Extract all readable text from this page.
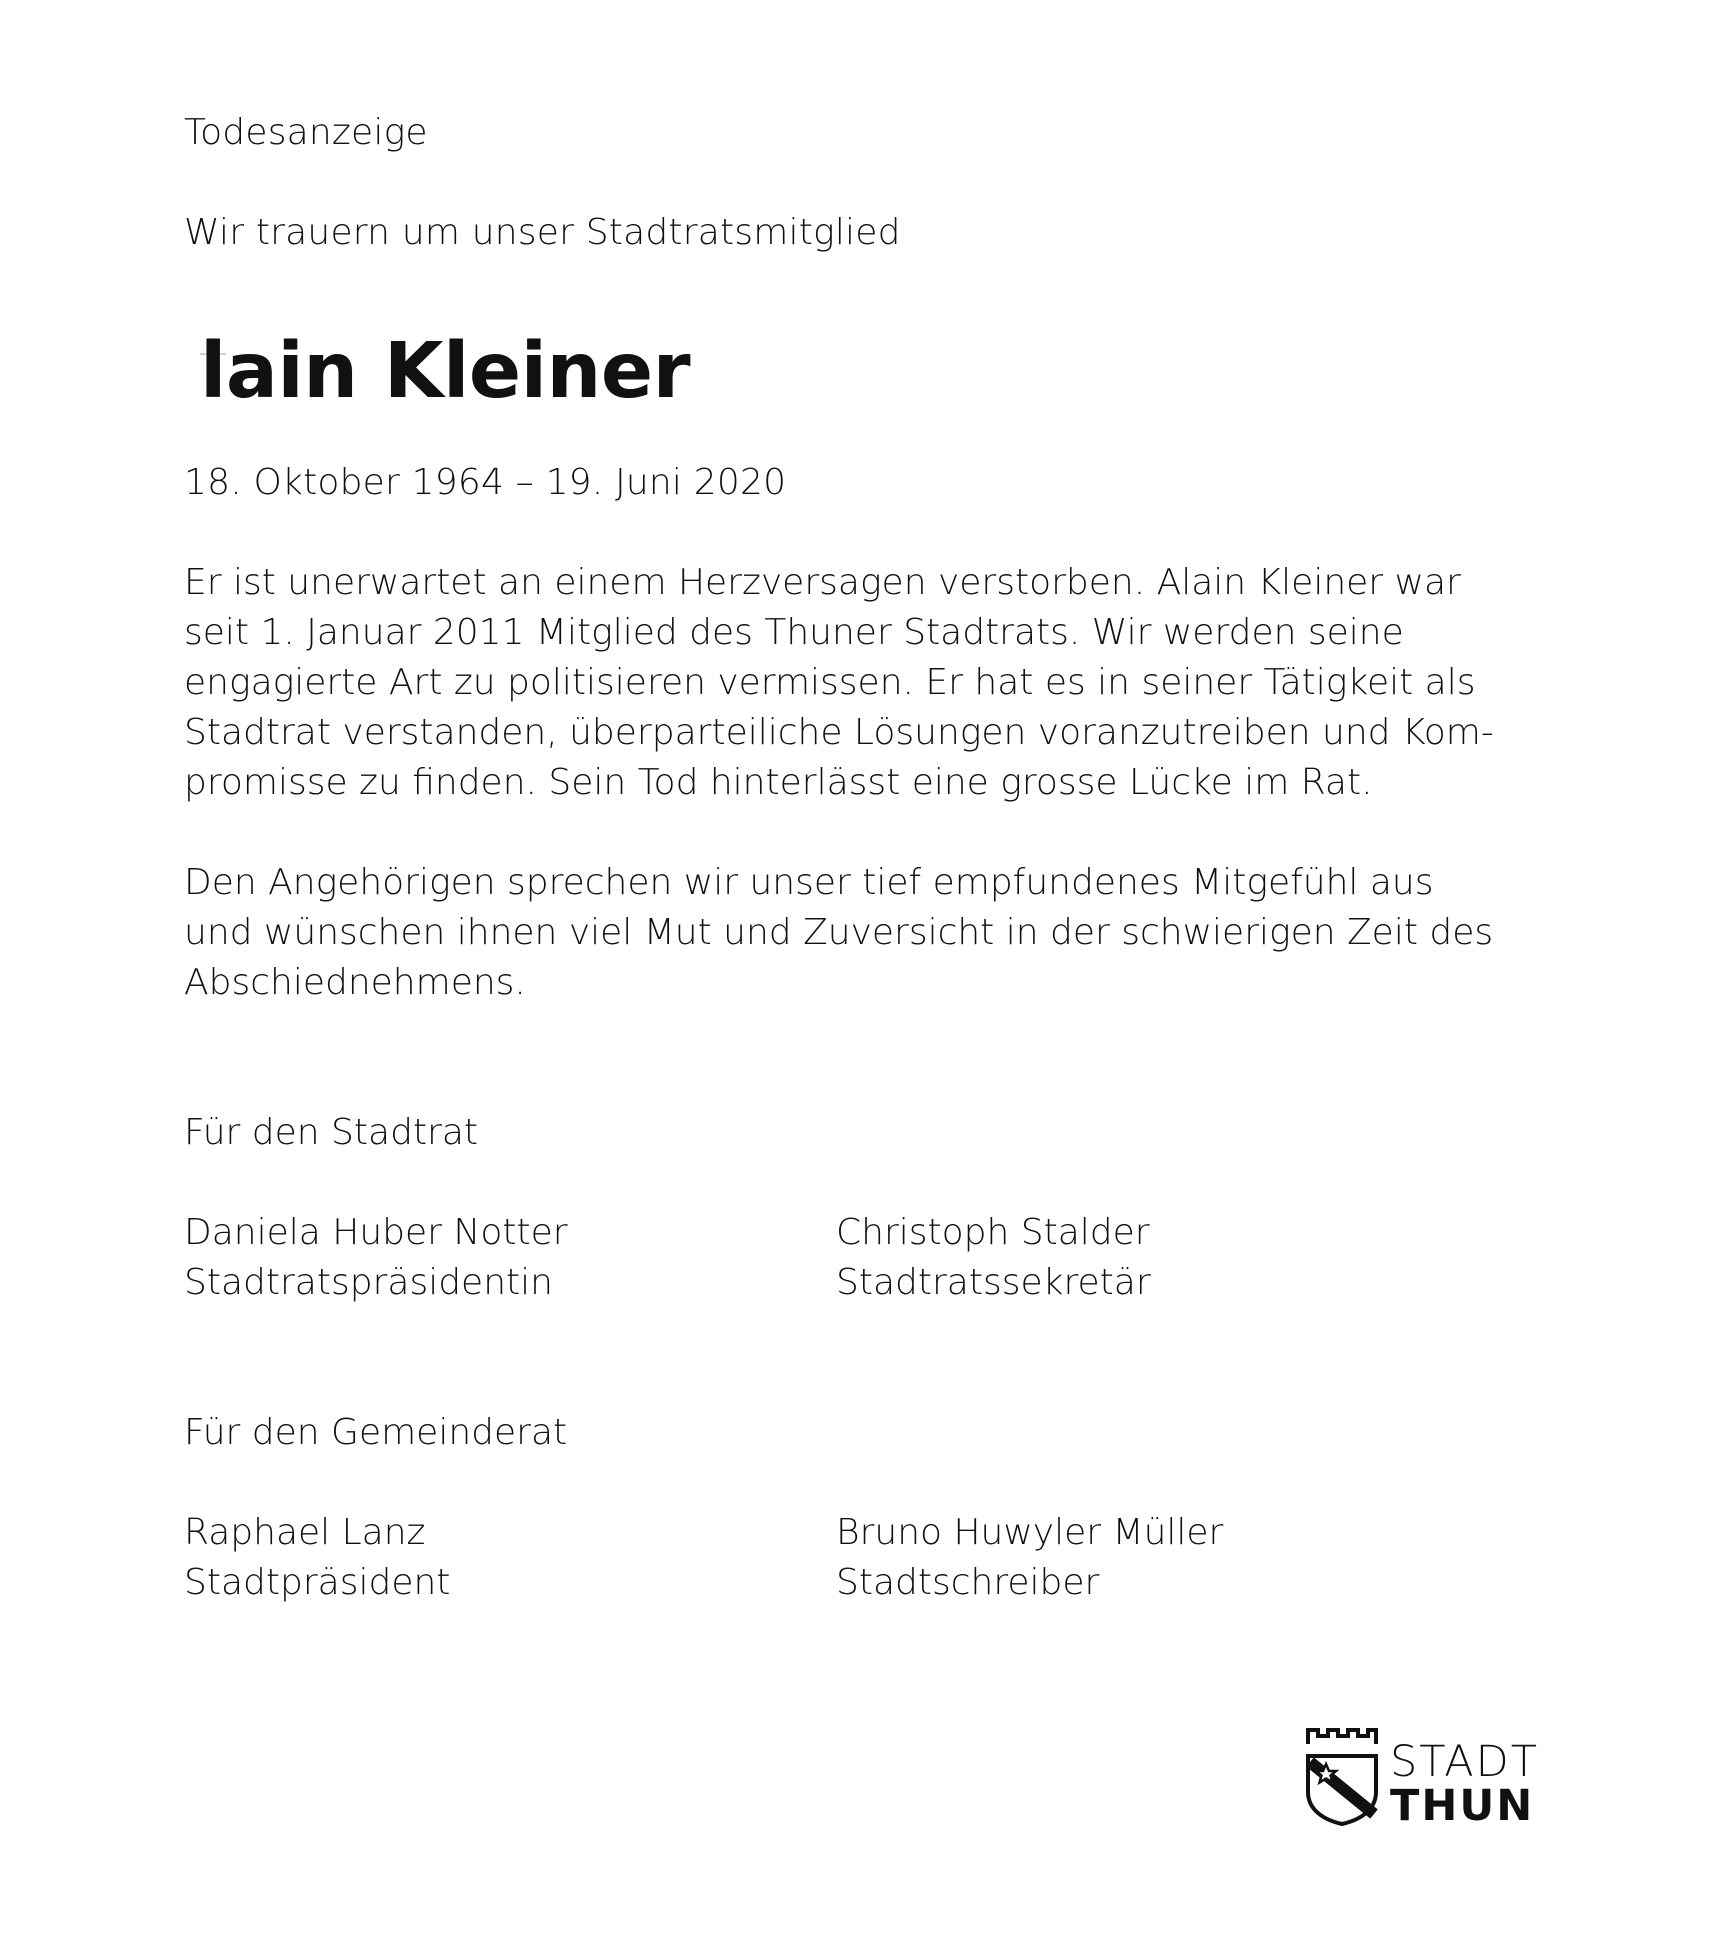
Todesanzeige

Wir trauern um unser Stadtratsmitglied

lain Kleiner

18. Oktober 1964 – 19. Juni 2020

Er ist unerwartet an einem Herzversagen verstorben. Alain Kleiner war
seit 1. Januar 2011 Mitglied des Thuner Stadtrats. Wir werden seine
engagierte Art zu politisieren vermissen. Er hat es in seiner Tätigkeit als
Stadtrat verstanden, überparteiliche Lösungen voranzutreiben und Kom-
promisse zu finden. Sein Tod hinterlässt eine grosse Lücke im Rat.

Den Angehörigen sprechen wir unser tief empfundenes Mitgefühl aus
und wünschen ihnen viel Mut und Zuversicht in der schwierigen Zeit des
Abschiednehmens.

Für den Stadtrat

Daniela Huber Notter
Stadtratspräsidentin
Christoph Stalder
Stadtratssekretär

Für den Gemeinderat

Raphael Lanz
Stadtpräsident
Bruno Huwyler Müller
Stadtschreiber
STADT
THUN
